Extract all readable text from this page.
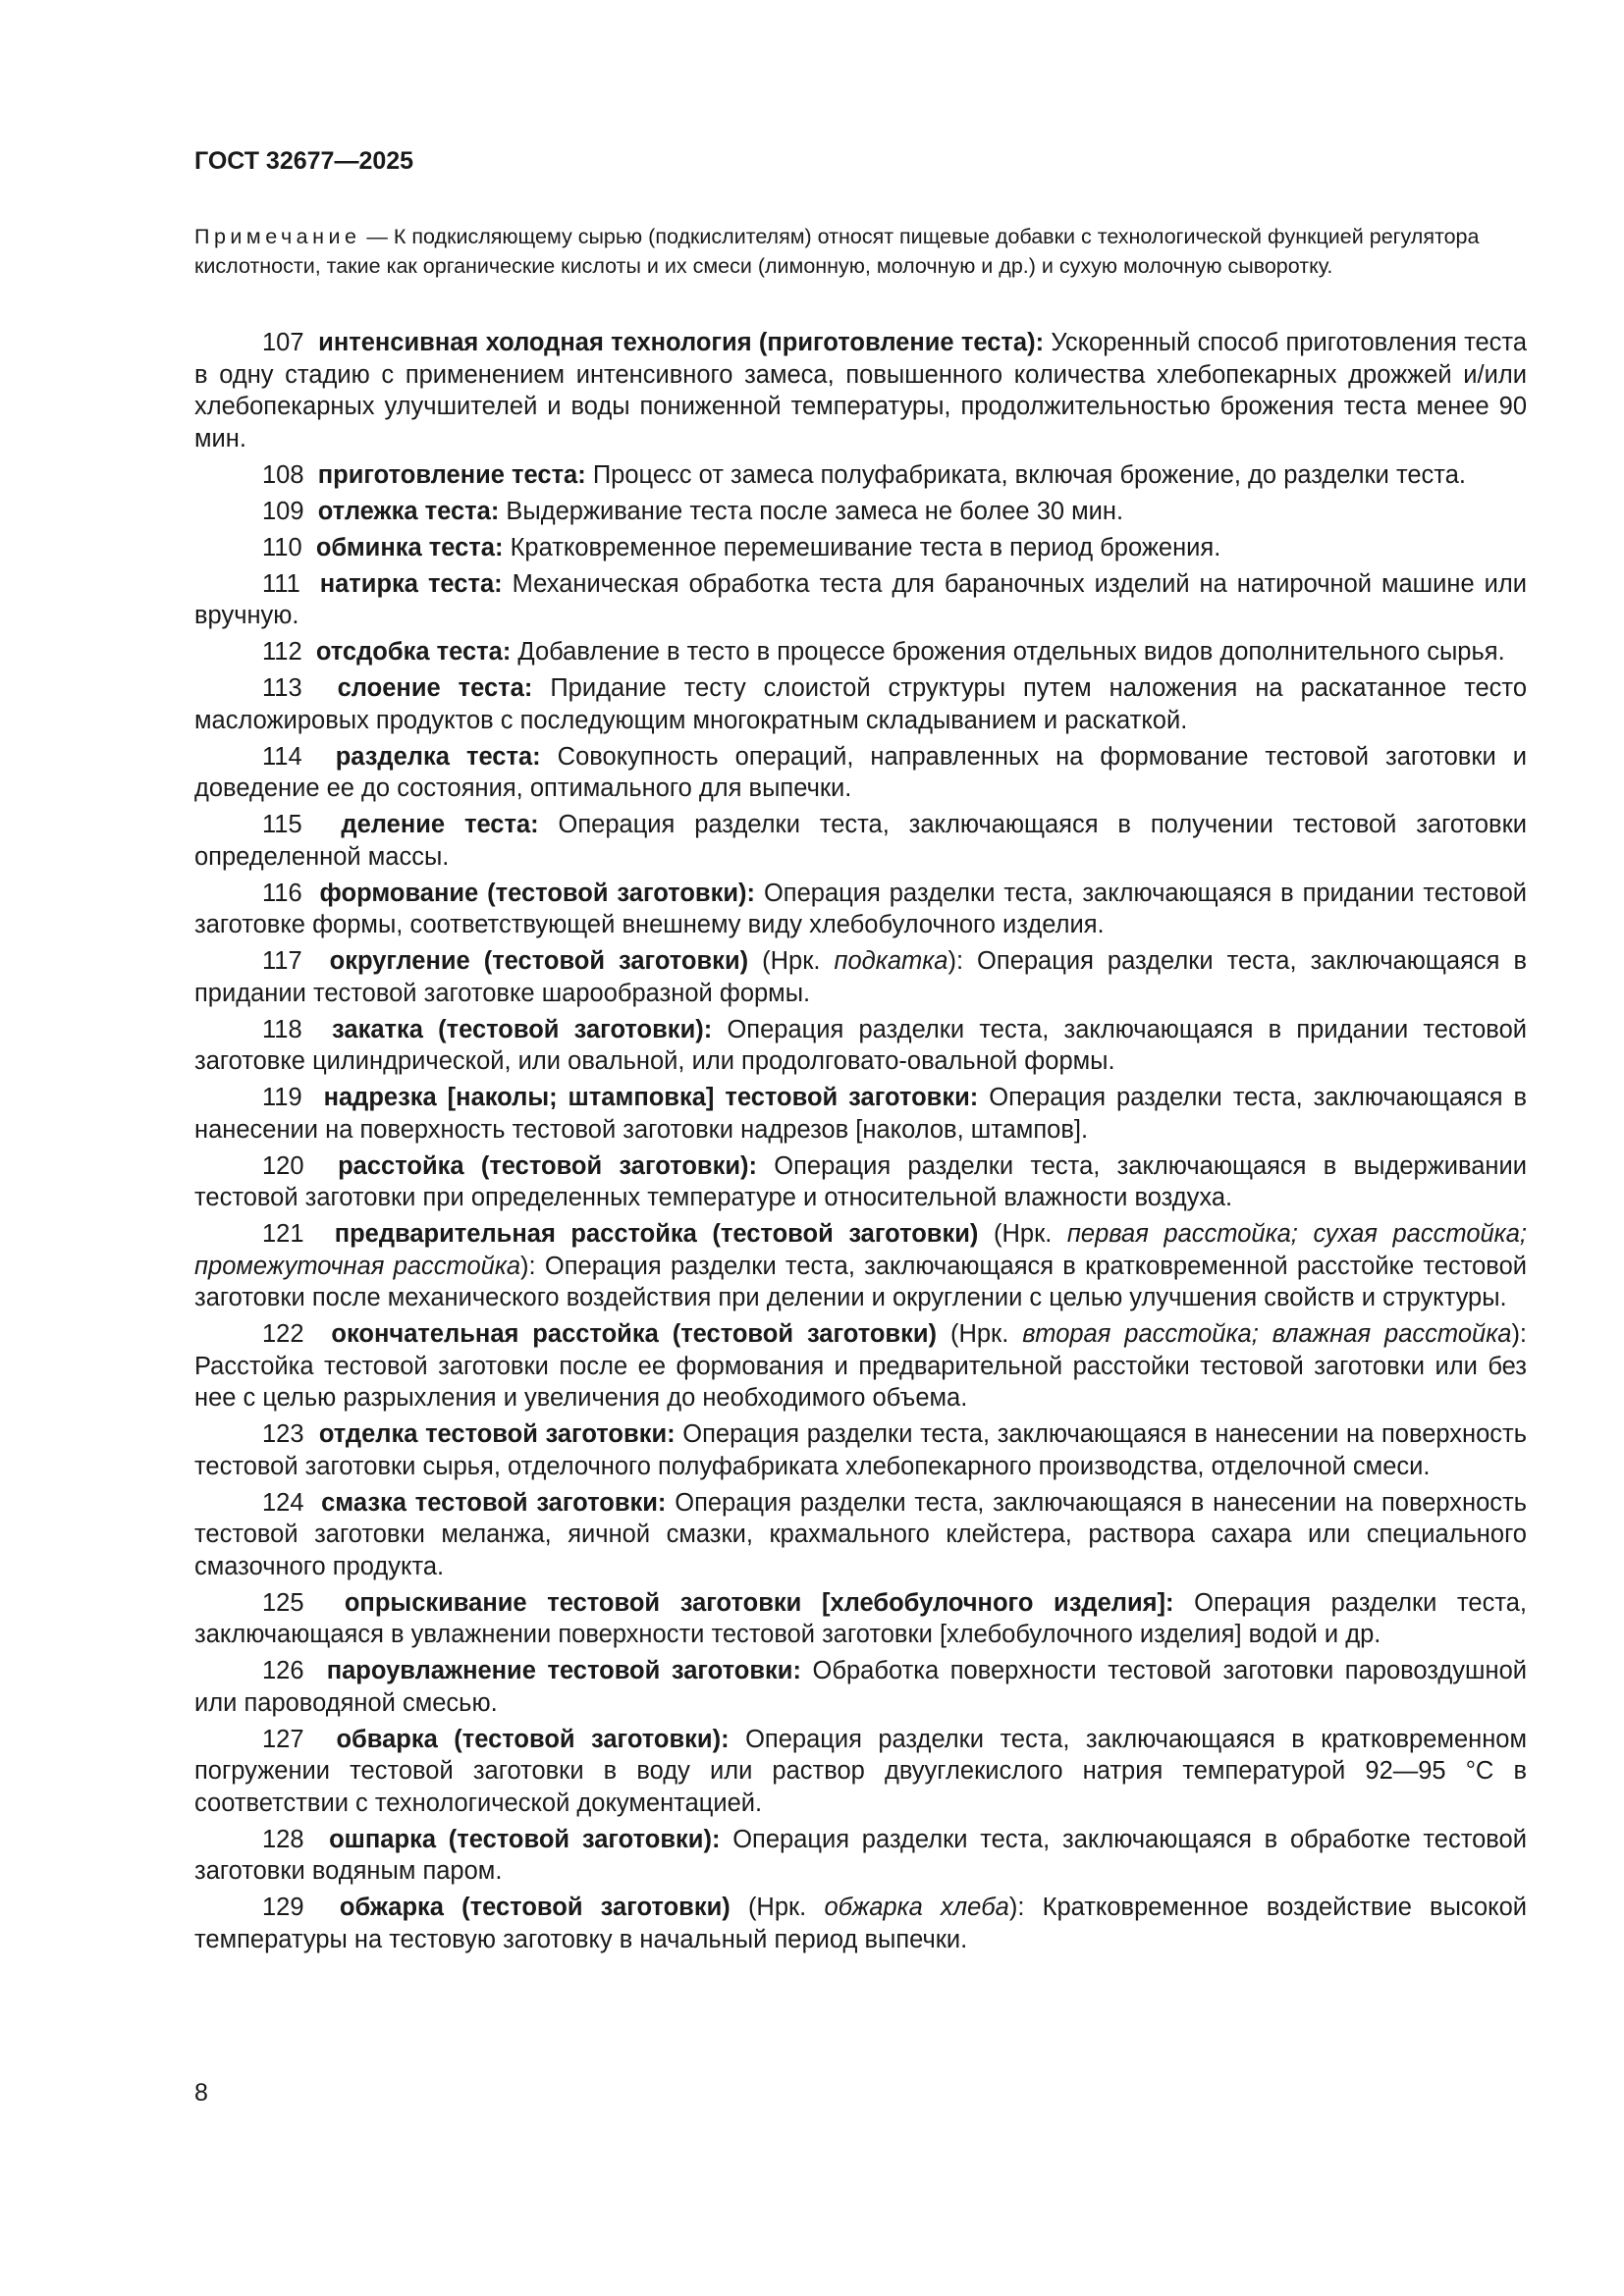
ГОСТ 32677—2025
Примечание — К подкисляющему сырью (подкислителям) относят пищевые добавки с технологической функцией регулятора кислотности, такие как органические кислоты и их смеси (лимонную, молочную и др.) и сухую молочную сыворотку.

107 интенсивная холодная технология (приготовление теста): Ускоренный способ приготовления теста в одну стадию с применением интенсивного замеса, повышенного количества хлебопекарных дрожжей и/или хлебопекарных улучшителей и воды пониженной температуры, продолжительностью брожения теста менее 90 мин.

108 приготовление теста: Процесс от замеса полуфабриката, включая брожение, до разделки теста.

109 отлежка теста: Выдерживание теста после замеса не более 30 мин.

110 обминка теста: Кратковременное перемешивание теста в период брожения.

111 натирка теста: Механическая обработка теста для бараночных изделий на натирочной машине или вручную.

112 отсдобка теста: Добавление в тесто в процессе брожения отдельных видов дополнительного сырья.

113 слоение теста: Придание тесту слоистой структуры путем наложения на раскатанное тесто масложировых продуктов с последующим многократным складыванием и раскаткой.

114 разделка теста: Совокупность операций, направленных на формование тестовой заготовки и доведение ее до состояния, оптимального для выпечки.

115 деление теста: Операция разделки теста, заключающаяся в получении тестовой заготовки определенной массы.

116 формование (тестовой заготовки): Операция разделки теста, заключающаяся в придании тестовой заготовке формы, соответствующей внешнему виду хлебобулочного изделия.

117 округление (тестовой заготовки) (Нрк. подкатка): Операция разделки теста, заключающаяся в придании тестовой заготовке шарообразной формы.

118 закатка (тестовой заготовки): Операция разделки теста, заключающаяся в придании тестовой заготовке цилиндрической, или овальной, или продолговато-овальной формы.

119 надрезка [наколы; штамповка] тестовой заготовки: Операция разделки теста, заключающаяся в нанесении на поверхность тестовой заготовки надрезов [наколов, штампов].

120 расстойка (тестовой заготовки): Операция разделки теста, заключающаяся в выдерживании тестовой заготовки при определенных температуре и относительной влажности воздуха.

121 предварительная расстойка (тестовой заготовки) (Нрк. первая расстойка; сухая расстойка; промежуточная расстойка): Операция разделки теста, заключающаяся в кратковременной расстойке тестовой заготовки после механического воздействия при делении и округлении с целью улучшения свойств и структуры.

122 окончательная расстойка (тестовой заготовки) (Нрк. вторая расстойка; влажная расстойка): Расстойка тестовой заготовки после ее формования и предварительной расстойки тестовой заготовки или без нее с целью разрыхления и увеличения до необходимого объема.

123 отделка тестовой заготовки: Операция разделки теста, заключающаяся в нанесении на поверхность тестовой заготовки сырья, отделочного полуфабриката хлебопекарного производства, отделочной смеси.

124 смазка тестовой заготовки: Операция разделки теста, заключающаяся в нанесении на поверхность тестовой заготовки меланжа, яичной смазки, крахмального клейстера, раствора сахара или специального смазочного продукта.

125 опрыскивание тестовой заготовки [хлебобулочного изделия]: Операция разделки теста, заключающаяся в увлажнении поверхности тестовой заготовки [хлебобулочного изделия] водой и др.

126 пароувлажнение тестовой заготовки: Обработка поверхности тестовой заготовки паровоздушной или пароводяной смесью.

127 обварка (тестовой заготовки): Операция разделки теста, заключающаяся в кратковременном погружении тестовой заготовки в воду или раствор двууглекислого натрия температурой 92—95 °С в соответствии с технологической документацией.

128 ошпарка (тестовой заготовки): Операция разделки теста, заключающаяся в обработке тестовой заготовки водяным паром.

129 обжарка (тестовой заготовки) (Нрк. обжарка хлеба): Кратковременное воздействие высокой температуры на тестовую заготовку в начальный период выпечки.

8
